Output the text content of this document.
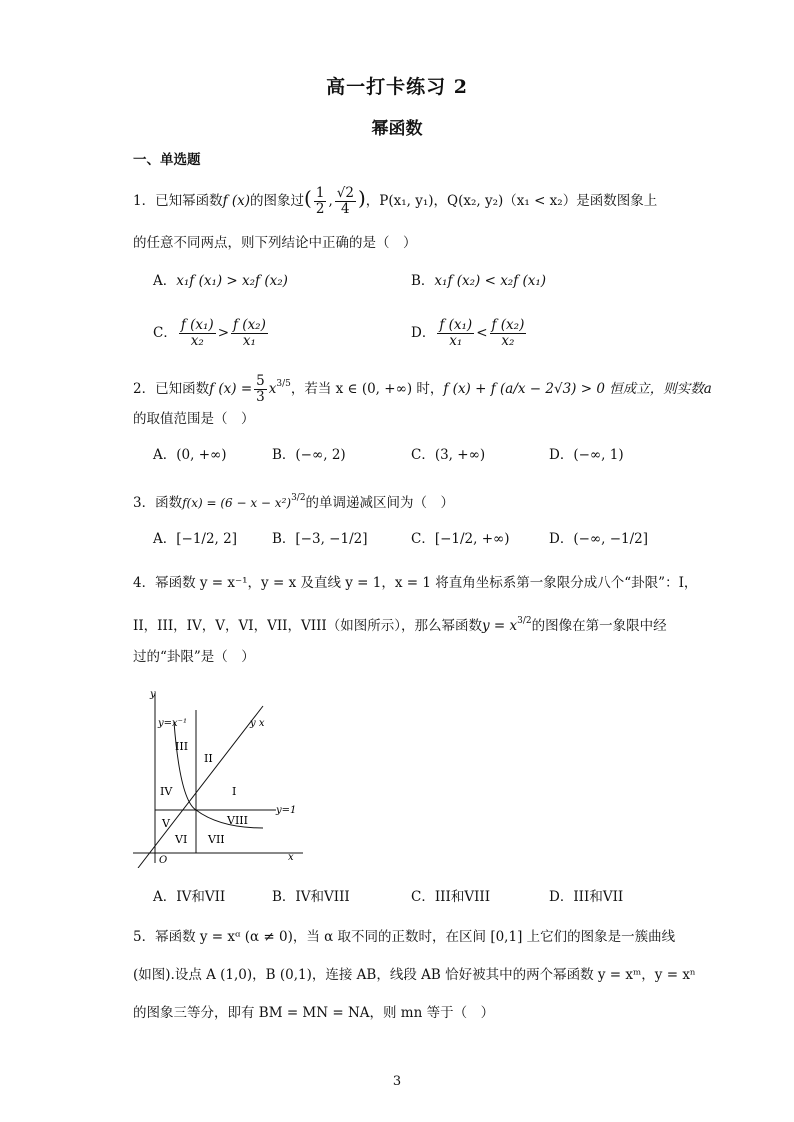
高一打卡练习 2
幂函数
一、单选题
1．已知幂函数f (x)的图象过( $\frac{1}{2}$ , $\frac{√2}{4}$ )，P(x₁, y₁)，Q(x₂, y₂)（x₁ < x₂）是函数图象上
的任意不同两点，则下列结论中正确的是（　）
A．x₁f (x₁) > x₂f (x₂)	B．x₁f (x₂) < x₂f (x₁)
C． $\frac{\text{f (x₁)}}{\text{x₂}} > \frac{\text{f (x₂)}}{\text{x₁}}$	D． $\frac{\text{f (x₁)}}{\text{x₁}} < \frac{\text{f (x₂)}}{\text{x₂}}$
2．已知函数f $(x) = \frac{5}{3} x^{3/5}$，若当 x ∈ (0, +∞) 时，f (x) + f (a/x − 2√3) > 0 恒成立，则实数a
的取值范围是（　）
A．(0, +∞)	B．(−∞, 2)	C．(3, +∞)	D．(−∞, 1)
3．函数$f(x) = (6 - x - x^2)^{3/2}$的单调递减区间为（　）
A．[−1/2, 2]	B．[−3, −1/2]	C．[−1/2, +∞)	D．(−∞, −1/2]
4．幂函数 y = x⁻¹，y = x 及直线 y = 1，x = 1 将直角坐标系第一象限分成八个“卦限”：I，
II，III，IV，V，VI，VII，VIII（如图所示），那么幂函数$y = x^{3/2}$的图像在第一象限中经
过的“卦限”是（　）
y
x
O
y=x⁻¹	y x
y=1
I
II
III
IV
V
VI VII
VIII
A．IV和VII	B．IV和VIII	C．III和VIII	D．III和VII
5．幂函数 y = xᵅ (α ≠ 0)，当 α 取不同的正数时，在区间 [0,1] 上它们的图象是一簇曲线
(如图).设点 A (1,0)，B (0,1)，连接 AB，线段 AB 恰好被其中的两个幂函数 y = xᵐ，y = xⁿ
的图象三等分，即有 BM = MN = NA，则 mn 等于（　）
3
